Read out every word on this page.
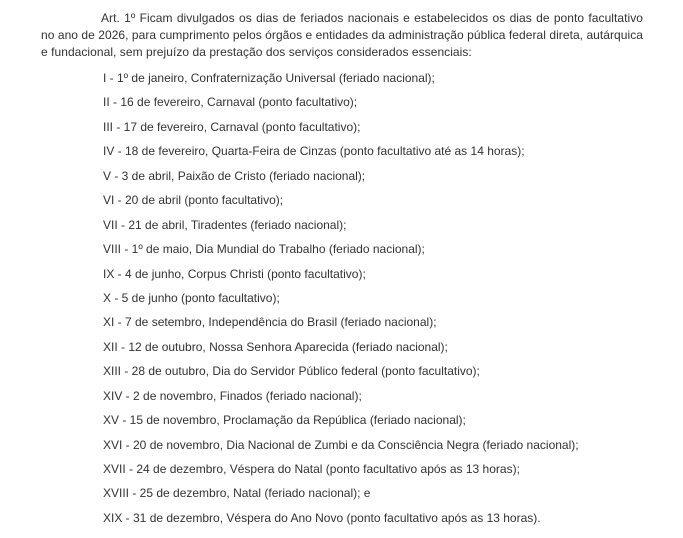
Art. 1º Ficam divulgados os dias de feriados nacionais e estabelecidos os dias de ponto facultativo no ano de 2026, para cumprimento pelos órgãos e entidades da administração pública federal direta, autárquica e fundacional, sem prejuízo da prestação dos serviços considerados essenciais:

I - 1º de janeiro, Confraternização Universal (feriado nacional);
II - 16 de fevereiro, Carnaval (ponto facultativo);
III - 17 de fevereiro, Carnaval (ponto facultativo);
IV - 18 de fevereiro, Quarta-Feira de Cinzas (ponto facultativo até as 14 horas);
V - 3 de abril, Paixão de Cristo (feriado nacional);
VI - 20 de abril (ponto facultativo);
VII - 21 de abril, Tiradentes (feriado nacional);
VIII - 1º de maio, Dia Mundial do Trabalho (feriado nacional);
IX - 4 de junho, Corpus Christi (ponto facultativo);
X - 5 de junho (ponto facultativo);
XI - 7 de setembro, Independência do Brasil (feriado nacional);
XII - 12 de outubro, Nossa Senhora Aparecida (feriado nacional);
XIII - 28 de outubro, Dia do Servidor Público federal (ponto facultativo);
XIV - 2 de novembro, Finados (feriado nacional);
XV - 15 de novembro, Proclamação da República (feriado nacional);
XVI - 20 de novembro, Dia Nacional de Zumbi e da Consciência Negra (feriado nacional);
XVII - 24 de dezembro, Véspera do Natal (ponto facultativo após as 13 horas);
XVIII - 25 de dezembro, Natal (feriado nacional); e
XIX - 31 de dezembro, Véspera do Ano Novo (ponto facultativo após as 13 horas).
